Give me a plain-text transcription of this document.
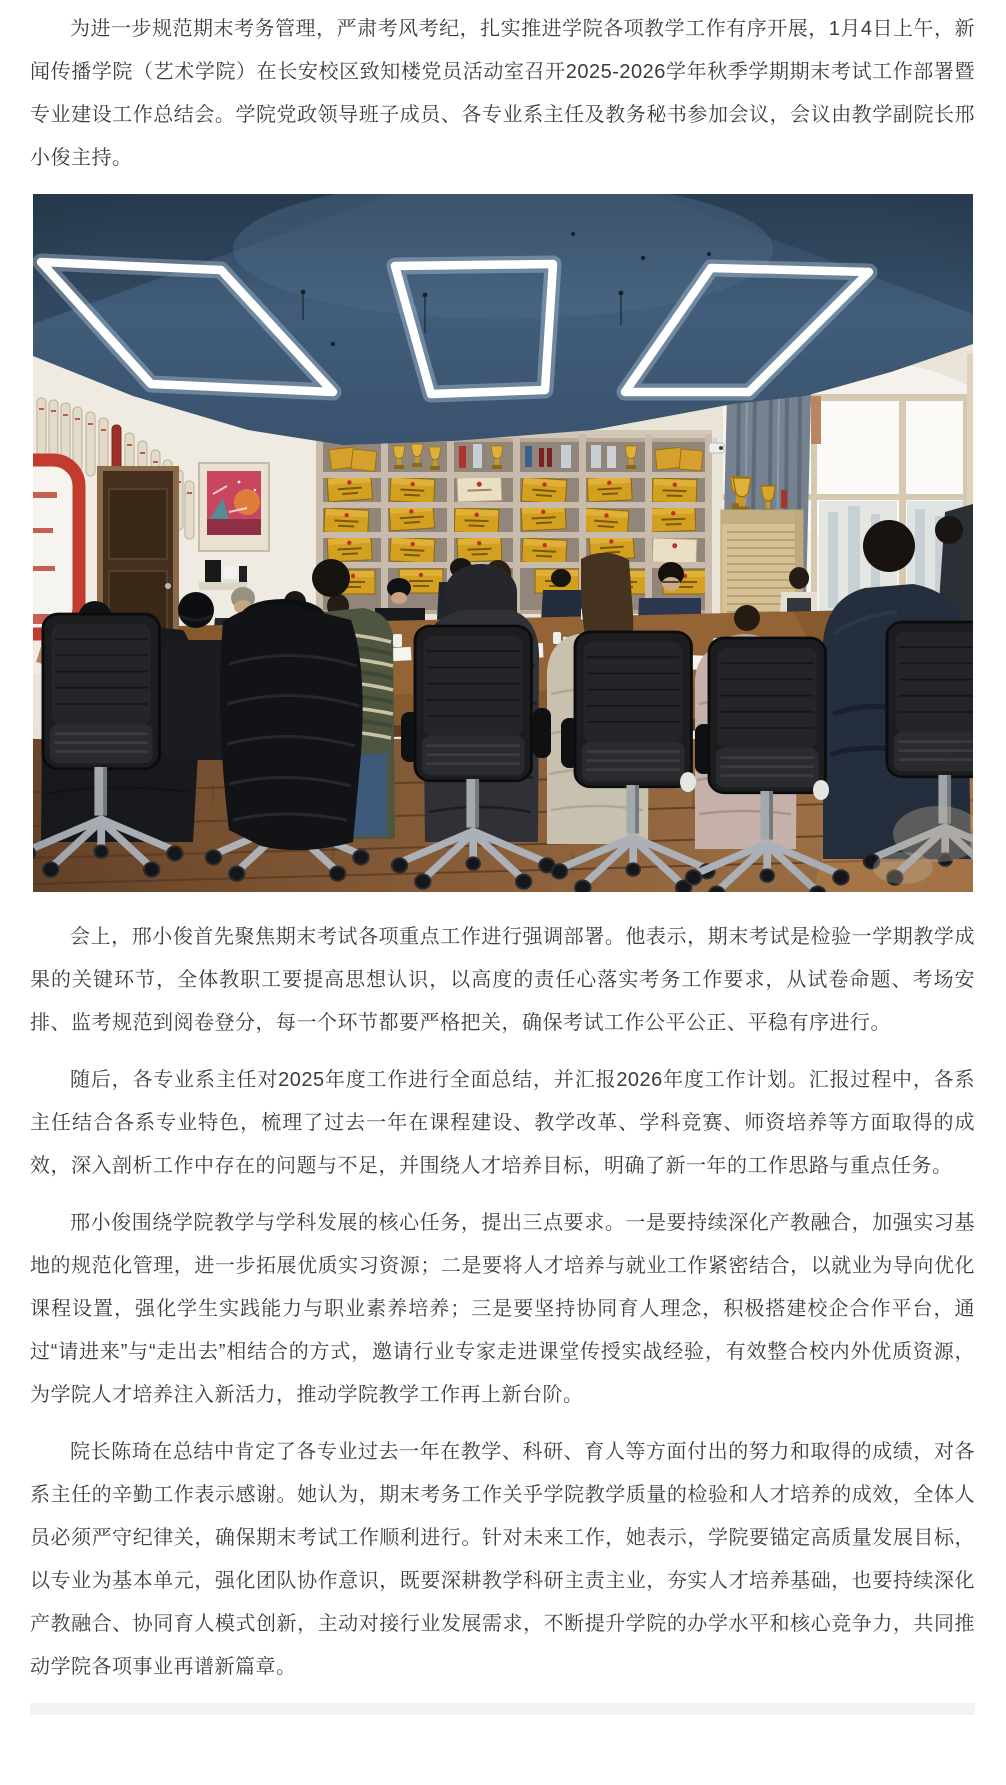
为进一步规范期末考务管理，严肃考风考纪，扎实推进学院各项教学工作有序开展，1月4日上午，新闻传播学院（艺术学院）在长安校区致知楼党员活动室召开2025-2026学年秋季学期期末考试工作部署暨专业建设工作总结会。学院党政领导班子成员、各专业系主任及教务秘书参加会议，会议由教学副院长邢小俊主持。

会上，邢小俊首先聚焦期末考试各项重点工作进行强调部署。他表示，期末考试是检验一学期教学成果的关键环节，全体教职工要提高思想认识，以高度的责任心落实考务工作要求，从试卷命题、考场安排、监考规范到阅卷登分，每一个环节都要严格把关，确保考试工作公平公正、平稳有序进行。

随后，各专业系主任对2025年度工作进行全面总结，并汇报2026年度工作计划。汇报过程中，各系主任结合各系专业特色，梳理了过去一年在课程建设、教学改革、学科竞赛、师资培养等方面取得的成效，深入剖析工作中存在的问题与不足，并围绕人才培养目标，明确了新一年的工作思路与重点任务。

邢小俊围绕学院教学与学科发展的核心任务，提出三点要求。一是要持续深化产教融合，加强实习基地的规范化管理，进一步拓展优质实习资源；二是要将人才培养与就业工作紧密结合，以就业为导向优化课程设置，强化学生实践能力与职业素养培养；三是要坚持协同育人理念，积极搭建校企合作平台，通过“请进来”与“走出去”相结合的方式，邀请行业专家走进课堂传授实战经验，有效整合校内外优质资源，为学院人才培养注入新活力，推动学院教学工作再上新台阶。

院长陈琦在总结中肯定了各专业过去一年在教学、科研、育人等方面付出的努力和取得的成绩，对各系主任的辛勤工作表示感谢。她认为，期末考务工作关乎学院教学质量的检验和人才培养的成效，全体人员必须严守纪律关，确保期末考试工作顺利进行。针对未来工作，她表示，学院要锚定高质量发展目标，以专业为基本单元，强化团队协作意识，既要深耕教学科研主责主业，夯实人才培养基础，也要持续深化产教融合、协同育人模式创新，主动对接行业发展需求，不断提升学院的办学水平和核心竞争力，共同推动学院各项事业再谱新篇章。
